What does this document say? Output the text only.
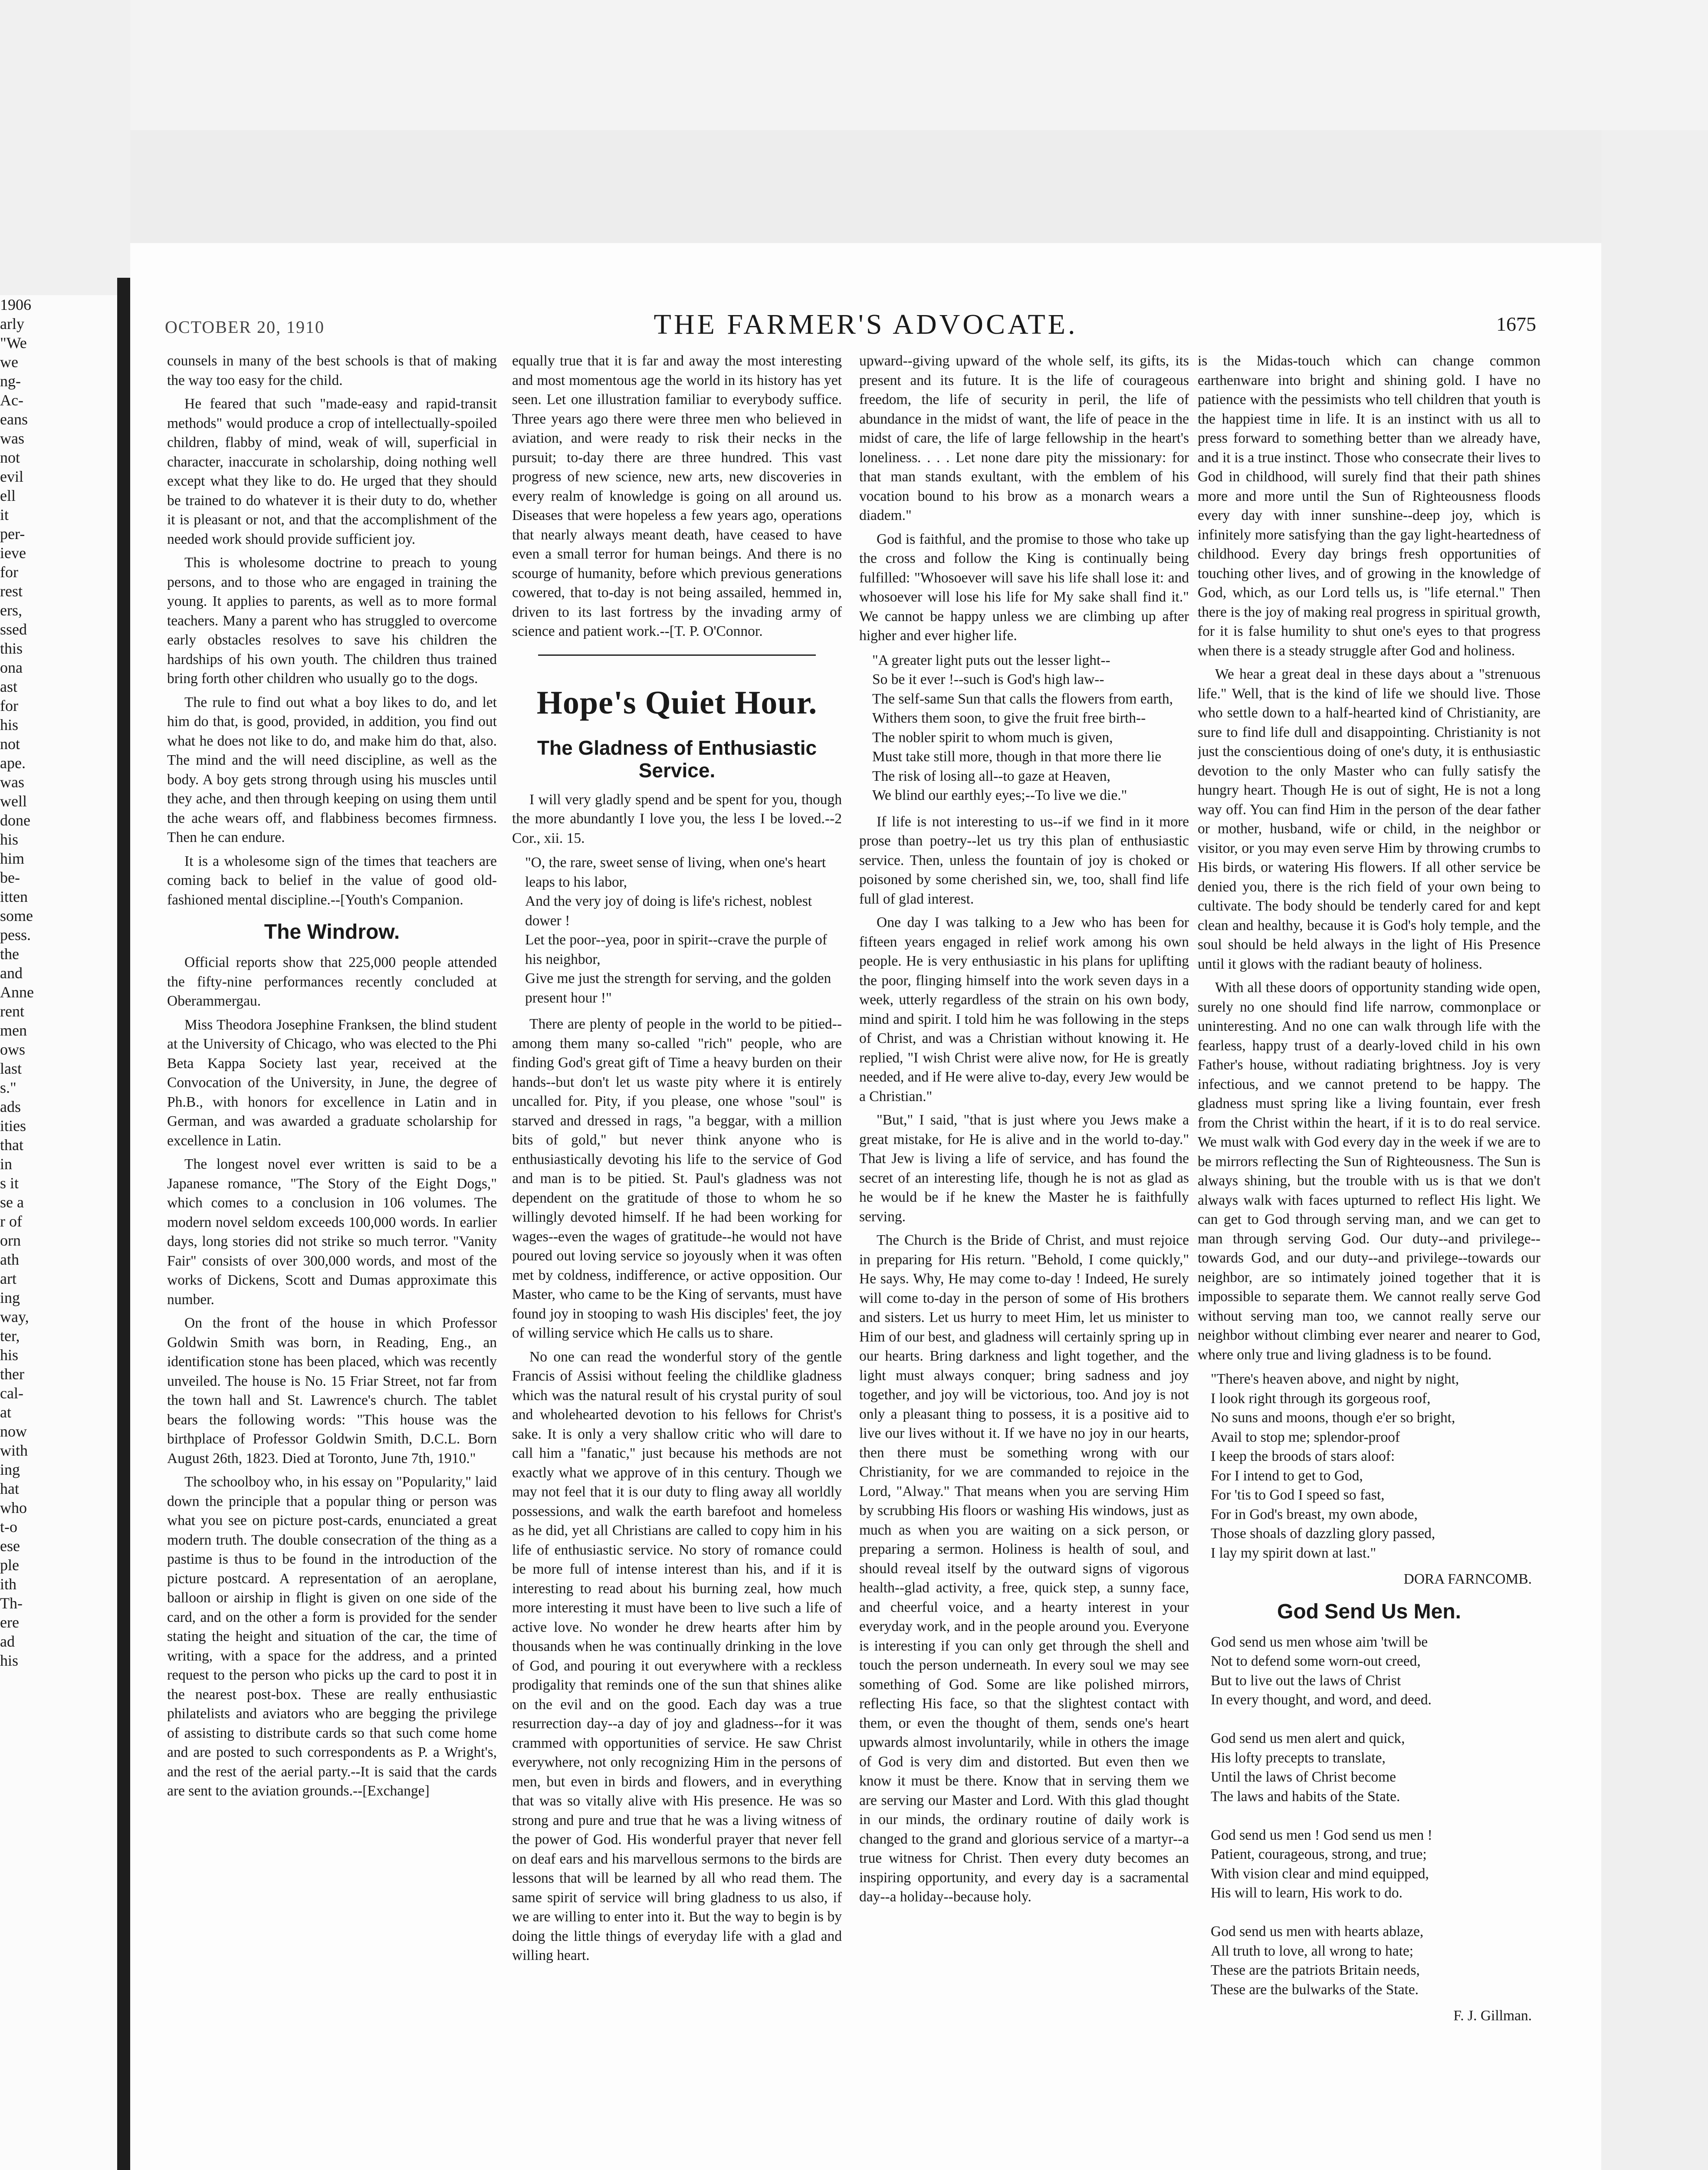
1906

arly

"We

we

ng-

Ac-

eans

was

not

evil

ell

it

per-

ieve

for

rest

ers,

ssed

this

ona

ast

for

his

not

ape.

was

well

done

his

him

be-

itten

some

pess.

the

and

Anne

rent

men

ows

last

s."

ads

ities

that

in

s it

se a

r of

orn

ath

art

ing

way,

ter,

his

ther

cal-

at

now

with

ing

hat

who

t-o

ese

ple

ith

Th-

ere

ad

his

OCTOBER 20, 1910	THE FARMER'S ADVOCATE.	1675

counsels in many of the best schools is that of making the way too easy for the child.

He feared that such "made-easy and rapid-transit methods" would produce a crop of intellectually-spoiled children, flabby of mind, weak of will, superficial in character, inaccurate in scholarship, doing nothing well except what they like to do. He urged that they should be trained to do whatever it is their duty to do, whether it is pleasant or not, and that the accomplishment of the needed work should provide sufficient joy.

This is wholesome doctrine to preach to young persons, and to those who are engaged in training the young. It applies to parents, as well as to more formal teachers. Many a parent who has struggled to overcome early obstacles resolves to save his children the hardships of his own youth. The children thus trained bring forth other children who usually go to the dogs.

The rule to find out what a boy likes to do, and let him do that, is good, provided, in addition, you find out what he does not like to do, and make him do that, also. The mind and the will need discipline, as well as the body. A boy gets strong through using his muscles until they ache, and then through keeping on using them until the ache wears off, and flabbiness becomes firmness. Then he can endure.

It is a wholesome sign of the times that teachers are coming back to belief in the value of good old-fashioned mental discipline.--[Youth's Companion.

The Windrow.

Official reports show that 225,000 people attended the fifty-nine performances recently concluded at Oberammergau.

Miss Theodora Josephine Franksen, the blind student at the University of Chicago, who was elected to the Phi Beta Kappa Society last year, received at the Convocation of the University, in June, the degree of Ph.B., with honors for excellence in Latin and in German, and was awarded a graduate scholarship for excellence in Latin.

The longest novel ever written is said to be a Japanese romance, "The Story of the Eight Dogs," which comes to a conclusion in 106 volumes. The modern novel seldom exceeds 100,000 words. In earlier days, long stories did not strike so much terror. "Vanity Fair" consists of over 300,000 words, and most of the works of Dickens, Scott and Dumas approximate this number.

On the front of the house in which Professor Goldwin Smith was born, in Reading, Eng., an identification stone has been placed, which was recently unveiled. The house is No. 15 Friar Street, not far from the town hall and St. Lawrence's church. The tablet bears the following words: "This house was the birthplace of Professor Goldwin Smith, D.C.L. Born August 26th, 1823. Died at Toronto, June 7th, 1910."

The schoolboy who, in his essay on "Popularity," laid down the principle that a popular thing or person was what you see on picture post-cards, enunciated a great modern truth. The double consecration of the thing as a pastime is thus to be found in the introduction of the picture postcard. A representation of an aeroplane, balloon or airship in flight is given on one side of the card, and on the other a form is provided for the sender stating the height and situation of the car, the time of writing, with a space for the address, and a printed request to the person who picks up the card to post it in the nearest post-box. These are really enthusiastic philatelists and aviators who are begging the privilege of assisting to distribute cards so that such come home and are posted to such correspondents as P. a Wright's, and the rest of the aerial party.--It is said that the cards are sent to the aviation grounds.--[Exchange]

equally true that it is far and away the most interesting and most momentous age the world in its history has yet seen. Let one illustration familiar to everybody suffice. Three years ago there were three men who believed in aviation, and were ready to risk their necks in the pursuit; to-day there are three hundred. This vast progress of new science, new arts, new discoveries in every realm of knowledge is going on all around us. Diseases that were hopeless a few years ago, operations that nearly always meant death, have ceased to have even a small terror for human beings. And there is no scourge of humanity, before which previous generations cowered, that to-day is not being assailed, hemmed in, driven to its last fortress by the invading army of science and patient work.--[T. P. O'Connor.

Hope's Quiet Hour.
The Gladness of Enthusiastic Service.

I will very gladly spend and be spent for you, though the more abundantly I love you, the less I be loved.--2 Cor., xii. 15.

"O, the rare, sweet sense of living, when one's heart leaps to his labor,
And the very joy of doing is life's richest, noblest dower !
Let the poor--yea, poor in spirit--crave the purple of his neighbor,
Give me just the strength for serving, and the golden present hour !"

There are plenty of people in the world to be pitied--among them many so-called "rich" people, who are finding God's great gift of Time a heavy burden on their hands--but don't let us waste pity where it is entirely uncalled for. Pity, if you please, one whose "soul" is starved and dressed in rags, "a beggar, with a million bits of gold," but never think anyone who is enthusiastically devoting his life to the service of God and man is to be pitied. St. Paul's gladness was not dependent on the gratitude of those to whom he so willingly devoted himself. If he had been working for wages--even the wages of gratitude--he would not have poured out loving service so joyously when it was often met by coldness, indifference, or active opposition. Our Master, who came to be the King of servants, must have found joy in stooping to wash His disciples' feet, the joy of willing service which He calls us to share.

No one can read the wonderful story of the gentle Francis of Assisi without feeling the childlike gladness which was the natural result of his crystal purity of soul and wholehearted devotion to his fellows for Christ's sake. It is only a very shallow critic who will dare to call him a "fanatic," just because his methods are not exactly what we approve of in this century. Though we may not feel that it is our duty to fling away all worldly possessions, and walk the earth barefoot and homeless as he did, yet all Christians are called to copy him in his life of enthusiastic service. No story of romance could be more full of intense interest than his, and if it is interesting to read about his burning zeal, how much more interesting it must have been to live such a life of active love. No wonder he drew hearts after him by thousands when he was continually drinking in the love of God, and pouring it out everywhere with a reckless prodigality that reminds one of the sun that shines alike on the evil and on the good. Each day was a true resurrection day--a day of joy and gladness--for it was crammed with opportunities of service. He saw Christ everywhere, not only recognizing Him in the persons of men, but even in birds and flowers, and in everything that was so vitally alive with His presence. He was so strong and pure and true that he was a living witness of the power of God. His wonderful prayer that never fell on deaf ears and his marvellous sermons to the birds are lessons that will be learned by all who read them. The same spirit of service will bring gladness to us also, if we are willing to enter into it. But the way to begin is by doing the little things of everyday life with a glad and willing heart.

upward--giving upward of the whole self, its gifts, its present and its future. It is the life of courageous freedom, the life of security in peril, the life of abundance in the midst of want, the life of peace in the midst of care, the life of large fellowship in the heart's loneliness. . . . Let none dare pity the missionary: for that man stands exultant, with the emblem of his vocation bound to his brow as a monarch wears a diadem."

God is faithful, and the promise to those who take up the cross and follow the King is continually being fulfilled: "Whosoever will save his life shall lose it: and whosoever will lose his life for My sake shall find it." We cannot be happy unless we are climbing up after higher and ever higher life.

"A greater light puts out the lesser light--
So be it ever !--such is God's high law--
The self-same Sun that calls the flowers from earth,
Withers them soon, to give the fruit free birth--
The nobler spirit to whom much is given,
Must take still more, though in that more there lie
The risk of losing all--to gaze at Heaven,
We blind our earthly eyes;--To live we die."

If life is not interesting to us--if we find in it more prose than poetry--let us try this plan of enthusiastic service. Then, unless the fountain of joy is choked or poisoned by some cherished sin, we, too, shall find life full of glad interest.

One day I was talking to a Jew who has been for fifteen years engaged in relief work among his own people. He is very enthusiastic in his plans for uplifting the poor, flinging himself into the work seven days in a week, utterly regardless of the strain on his own body, mind and spirit. I told him he was following in the steps of Christ, and was a Christian without knowing it. He replied, "I wish Christ were alive now, for He is greatly needed, and if He were alive to-day, every Jew would be a Christian."

"But," I said, "that is just where you Jews make a great mistake, for He is alive and in the world to-day." That Jew is living a life of service, and has found the secret of an interesting life, though he is not as glad as he would be if he knew the Master he is faithfully serving.

The Church is the Bride of Christ, and must rejoice in preparing for His return. "Behold, I come quickly," He says. Why, He may come to-day ! Indeed, He surely will come to-day in the person of some of His brothers and sisters. Let us hurry to meet Him, let us minister to Him of our best, and gladness will certainly spring up in our hearts. Bring darkness and light together, and the light must always conquer; bring sadness and joy together, and joy will be victorious, too. And joy is not only a pleasant thing to possess, it is a positive aid to live our lives without it. If we have no joy in our hearts, then there must be something wrong with our Christianity, for we are commanded to rejoice in the Lord, "Alway." That means when you are serving Him by scrubbing His floors or washing His windows, just as much as when you are waiting on a sick person, or preparing a sermon. Holiness is health of soul, and should reveal itself by the outward signs of vigorous health--glad activity, a free, quick step, a sunny face, and cheerful voice, and a hearty interest in your everyday work, and in the people around you. Everyone is interesting if you can only get through the shell and touch the person underneath. In every soul we may see something of God. Some are like polished mirrors, reflecting His face, so that the slightest contact with them, or even the thought of them, sends one's heart upwards almost involuntarily, while in others the image of God is very dim and distorted. But even then we know it must be there. Know that in serving them we are serving our Master and Lord. With this glad thought in our minds, the ordinary routine of daily work is changed to the grand and glorious service of a martyr--a true witness for Christ. Then every duty becomes an inspiring opportunity, and every day is a sacramental day--a holiday--because holy.

is the Midas-touch which can change common earthenware into bright and shining gold. I have no patience with the pessimists who tell children that youth is the happiest time in life. It is an instinct with us all to press forward to something better than we already have, and it is a true instinct. Those who consecrate their lives to God in childhood, will surely find that their path shines more and more until the Sun of Righteousness floods every day with inner sunshine--deep joy, which is infinitely more satisfying than the gay light-heartedness of childhood. Every day brings fresh opportunities of touching other lives, and of growing in the knowledge of God, which, as our Lord tells us, is "life eternal." Then there is the joy of making real progress in spiritual growth, for it is false humility to shut one's eyes to that progress when there is a steady struggle after God and holiness.

We hear a great deal in these days about a "strenuous life." Well, that is the kind of life we should live. Those who settle down to a half-hearted kind of Christianity, are sure to find life dull and disappointing. Christianity is not just the conscientious doing of one's duty, it is enthusiastic devotion to the only Master who can fully satisfy the hungry heart. Though He is out of sight, He is not a long way off. You can find Him in the person of the dear father or mother, husband, wife or child, in the neighbor or visitor, or you may even serve Him by throwing crumbs to His birds, or watering His flowers. If all other service be denied you, there is the rich field of your own being to cultivate. The body should be tenderly cared for and kept clean and healthy, because it is God's holy temple, and the soul should be held always in the light of His Presence until it glows with the radiant beauty of holiness.

With all these doors of opportunity standing wide open, surely no one should find life narrow, commonplace or uninteresting. And no one can walk through life with the fearless, happy trust of a dearly-loved child in his own Father's house, without radiating brightness. Joy is very infectious, and we cannot pretend to be happy. The gladness must spring like a living fountain, ever fresh from the Christ within the heart, if it is to do real service. We must walk with God every day in the week if we are to be mirrors reflecting the Sun of Righteousness. The Sun is always shining, but the trouble with us is that we don't always walk with faces upturned to reflect His light. We can get to God through serving man, and we can get to man through serving God. Our duty--and privilege--towards God, and our duty--and privilege--towards our neighbor, are so intimately joined together that it is impossible to separate them. We cannot really serve God without serving man too, we cannot really serve our neighbor without climbing ever nearer and nearer to God, where only true and living gladness is to be found.

"There's heaven above, and night by night,
I look right through its gorgeous roof,
No suns and moons, though e'er so bright,
Avail to stop me; splendor-proof
I keep the broods of stars aloof:
For I intend to get to God,
For 'tis to God I speed so fast,
For in God's breast, my own abode,
Those shoals of dazzling glory passed,
I lay my spirit down at last."

DORA FARNCOMB.

God Send Us Men.

God send us men whose aim 'twill be
Not to defend some worn-out creed,
But to live out the laws of Christ
In every thought, and word, and deed.

God send us men alert and quick,
His lofty precepts to translate,
Until the laws of Christ become
The laws and habits of the State.

God send us men ! God send us men !
Patient, courageous, strong, and true;
With vision clear and mind equipped,
His will to learn, His work to do.

God send us men with hearts ablaze,
All truth to love, all wrong to hate;
These are the patriots Britain needs,
These are the bulwarks of the State.

F. J. Gillman.
